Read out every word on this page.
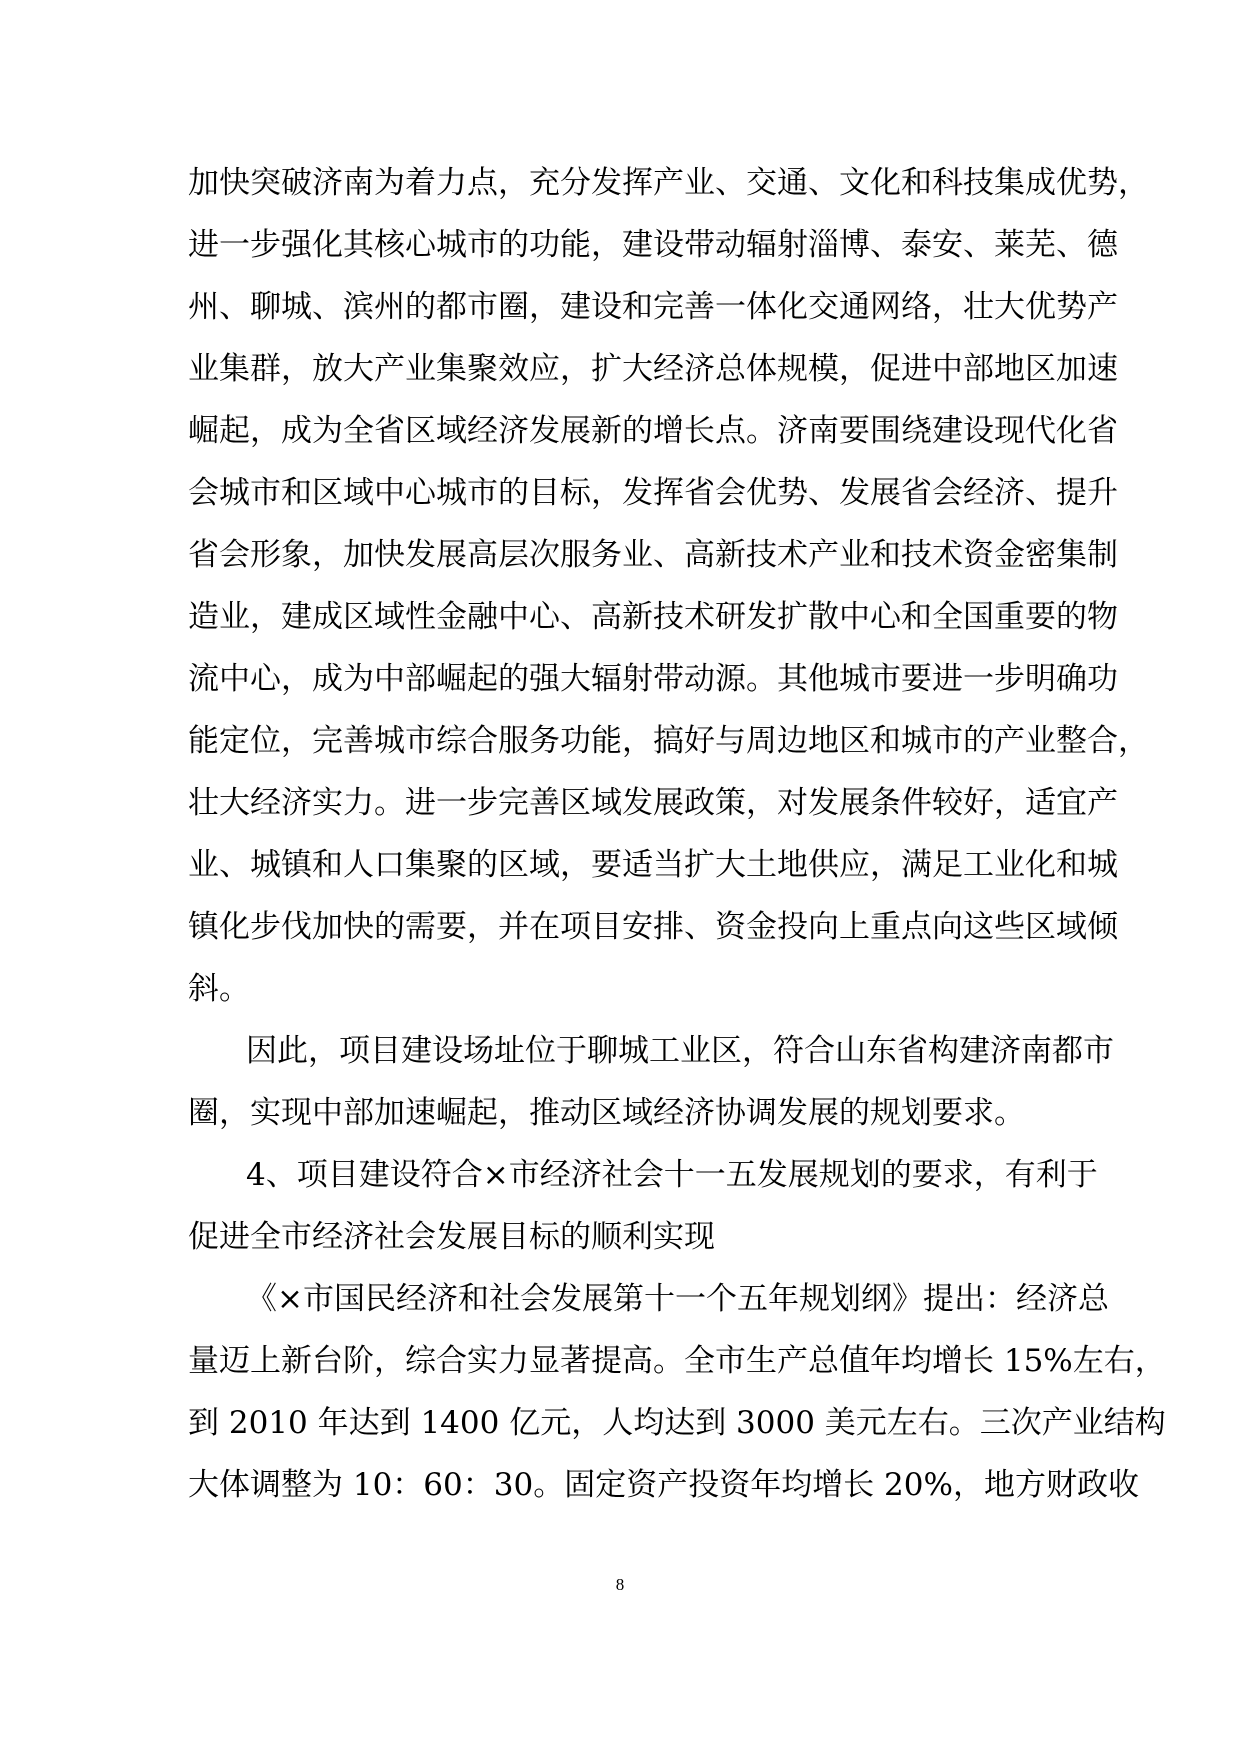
加快突破济南为着力点，充分发挥产业、交通、文化和科技集成优势，
进一步强化其核心城市的功能，建设带动辐射淄博、泰安、莱芜、德
州、聊城、滨州的都市圈，建设和完善一体化交通网络，壮大优势产
业集群，放大产业集聚效应，扩大经济总体规模，促进中部地区加速
崛起，成为全省区域经济发展新的增长点。济南要围绕建设现代化省
会城市和区域中心城市的目标，发挥省会优势、发展省会经济、提升
省会形象，加快发展高层次服务业、高新技术产业和技术资金密集制
造业，建成区域性金融中心、高新技术研发扩散中心和全国重要的物
流中心，成为中部崛起的强大辐射带动源。其他城市要进一步明确功
能定位，完善城市综合服务功能，搞好与周边地区和城市的产业整合，
壮大经济实力。进一步完善区域发展政策，对发展条件较好，适宜产
业、城镇和人口集聚的区域，要适当扩大土地供应，满足工业化和城
镇化步伐加快的需要，并在项目安排、资金投向上重点向这些区域倾
斜。
因此，项目建设场址位于聊城工业区，符合山东省构建济南都市
圈，实现中部加速崛起，推动区域经济协调发展的规划要求。
4、项目建设符合×市经济社会十一五发展规划的要求，有利于
促进全市经济社会发展目标的顺利实现
《×市国民经济和社会发展第十一个五年规划纲》提出：经济总
量迈上新台阶，综合实力显著提高。全市生产总值年均增长 15%左右，
到 2010 年达到 1400 亿元，人均达到 3000 美元左右。三次产业结构
大体调整为 10：60：30。固定资产投资年均增长 20%，地方财政收
8
